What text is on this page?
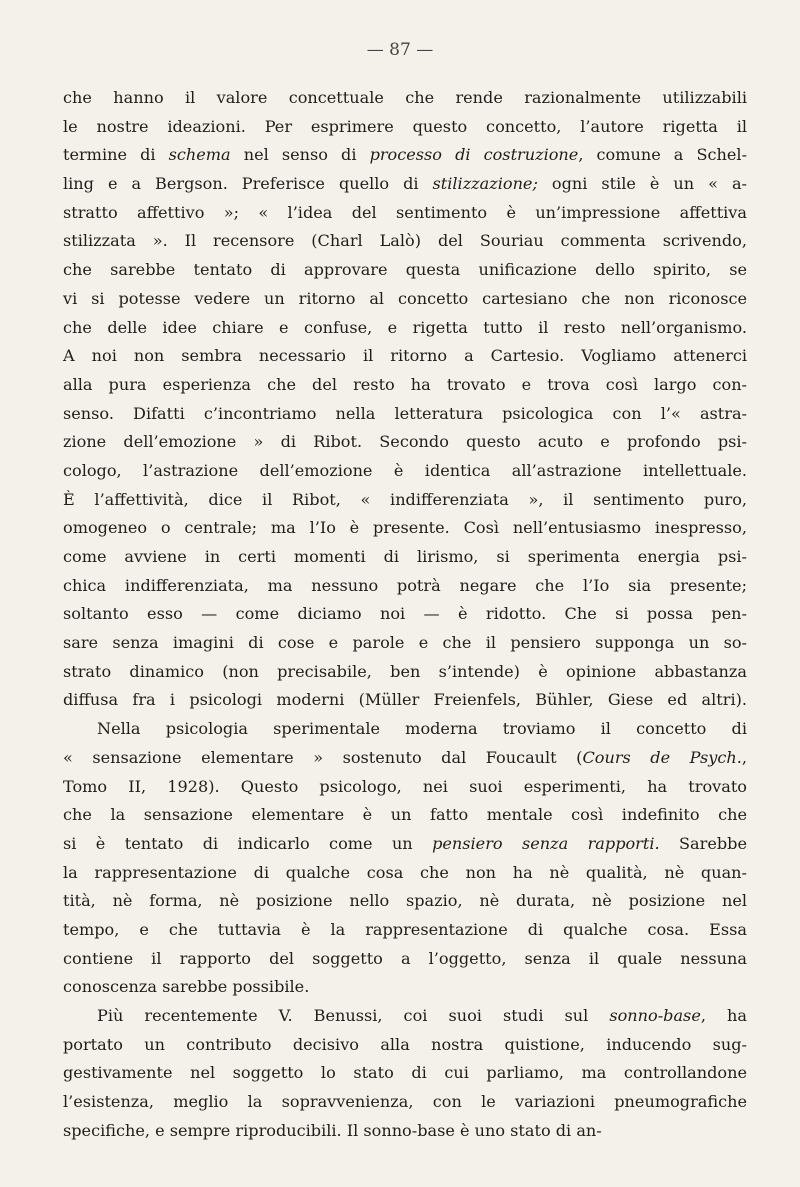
— 87 —
che hanno il valore concettuale che rende razionalmente utilizzabili
le nostre ideazioni. Per esprimere questo concetto, l’autore rigetta il
termine di schema nel senso di processo di costruzione, comune a Schel-
ling e a Bergson. Preferisce quello di stilizzazione; ogni stile è un « a-
stratto affettivo »; « l’idea del sentimento è un’impressione affettiva
stilizzata ». Il recensore (Charl Lalò) del Souriau commenta scrivendo,
che sarebbe tentato di approvare questa unificazione dello spirito, se
vi si potesse vedere un ritorno al concetto cartesiano che non riconosce
che delle idee chiare e confuse, e rigetta tutto il resto nell’organismo.
A noi non sembra necessario il ritorno a Cartesio. Vogliamo attenerci
alla pura esperienza che del resto ha trovato e trova così largo con-
senso. Difatti c’incontriamo nella letteratura psicologica con l’« astra-
zione dell’emozione » di Ribot. Secondo questo acuto e profondo psi-
cologo, l’astrazione dell’emozione è identica all’astrazione intellettuale.
È l’affettività, dice il Ribot, « indifferenziata », il sentimento puro,
omogeneo o centrale; ma l’Io è presente. Così nell’entusiasmo inespresso,
come avviene in certi momenti di lirismo, si sperimenta energia psi-
chica indifferenziata, ma nessuno potrà negare che l’Io sia presente;
soltanto esso — come diciamo noi — è ridotto. Che si possa pen-
sare senza imagini di cose e parole e che il pensiero supponga un so-
strato dinamico (non precisabile, ben s’intende) è opinione abbastanza
diffusa fra i psicologi moderni (Müller Freienfels, Bühler, Giese ed altri).
Nella psicologia sperimentale moderna troviamo il concetto di
« sensazione elementare » sostenuto dal Foucault (Cours de Psych.,
Tomo II, 1928). Questo psicologo, nei suoi esperimenti, ha trovato
che la sensazione elementare è un fatto mentale così indefinito che
si è tentato di indicarlo come un pensiero senza rapporti. Sarebbe
la rappresentazione di qualche cosa che non ha nè qualità, nè quan-
tità, nè forma, nè posizione nello spazio, nè durata, nè posizione nel
tempo, e che tuttavia è la rappresentazione di qualche cosa. Essa
contiene il rapporto del soggetto a l’oggetto, senza il quale nessuna
conoscenza sarebbe possibile.
Più recentemente V. Benussi, coi suoi studi sul sonno-base, ha
portato un contributo decisivo alla nostra quistione, inducendo sug-
gestivamente nel soggetto lo stato di cui parliamo, ma controllandone
l’esistenza, meglio la sopravvenienza, con le variazioni pneumografiche
specifiche, e sempre riproducibili. Il sonno-base è uno stato di an-
